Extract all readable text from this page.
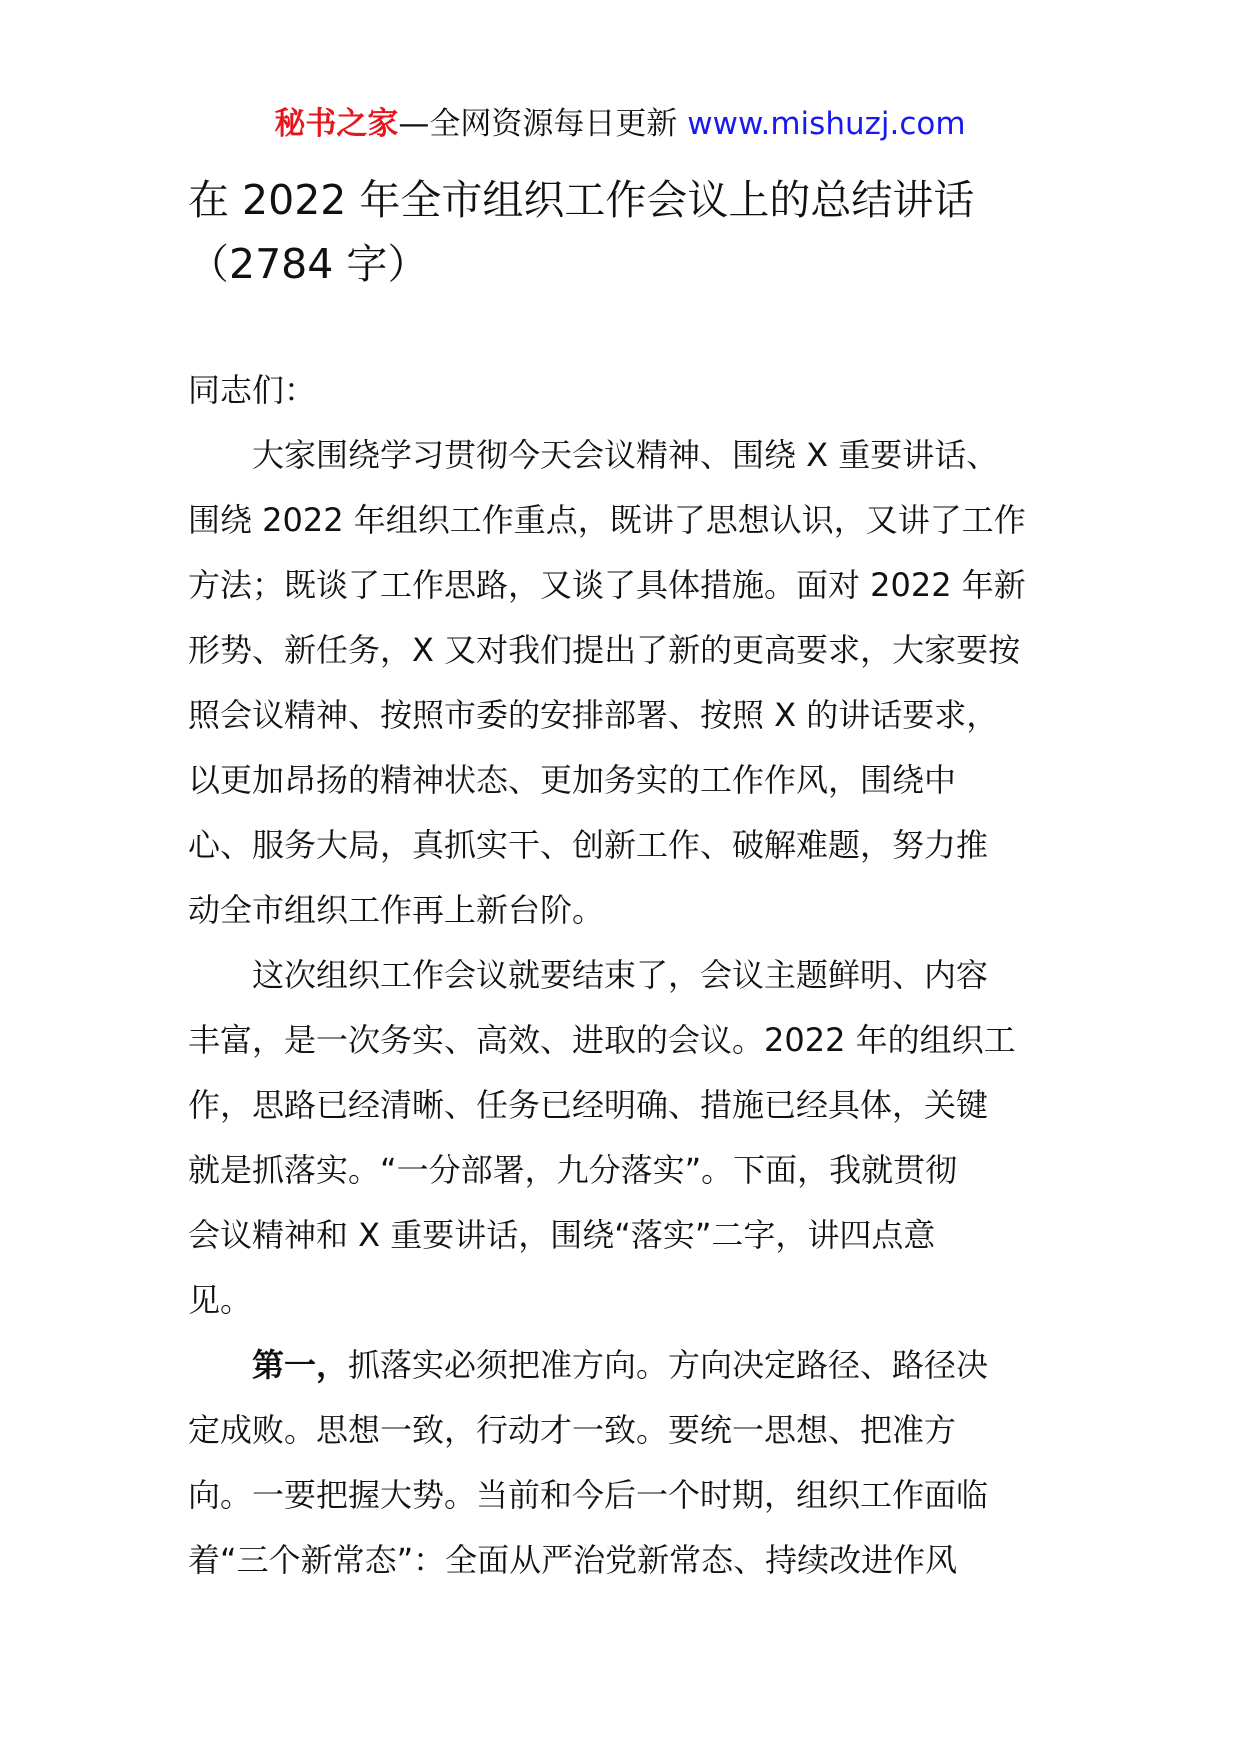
秘书之家—全网资源每日更新 www.mishuzj.com
在 2022 年全市组织工作会议上的总结讲话
（2784 字）
同志们：
大家围绕学习贯彻今天会议精神、围绕 X 重要讲话、
围绕 2022 年组织工作重点，既讲了思想认识，又讲了工作
方法；既谈了工作思路，又谈了具体措施。面对 2022 年新
形势、新任务，X 又对我们提出了新的更高要求，大家要按
照会议精神、按照市委的安排部署、按照 X 的讲话要求，
以更加昂扬的精神状态、更加务实的工作作风，围绕中
心、服务大局，真抓实干、创新工作、破解难题，努力推
动全市组织工作再上新台阶。
这次组织工作会议就要结束了，会议主题鲜明、内容
丰富，是一次务实、高效、进取的会议。2022 年的组织工
作，思路已经清晰、任务已经明确、措施已经具体，关键
就是抓落实。“一分部署，九分落实”。下面，我就贯彻
会议精神和 X 重要讲话，围绕“落实”二字，讲四点意
见。
第一，抓落实必须把准方向。方向决定路径、路径决
定成败。思想一致，行动才一致。要统一思想、把准方
向。一要把握大势。当前和今后一个时期，组织工作面临
着“三个新常态”：全面从严治党新常态、持续改进作风
